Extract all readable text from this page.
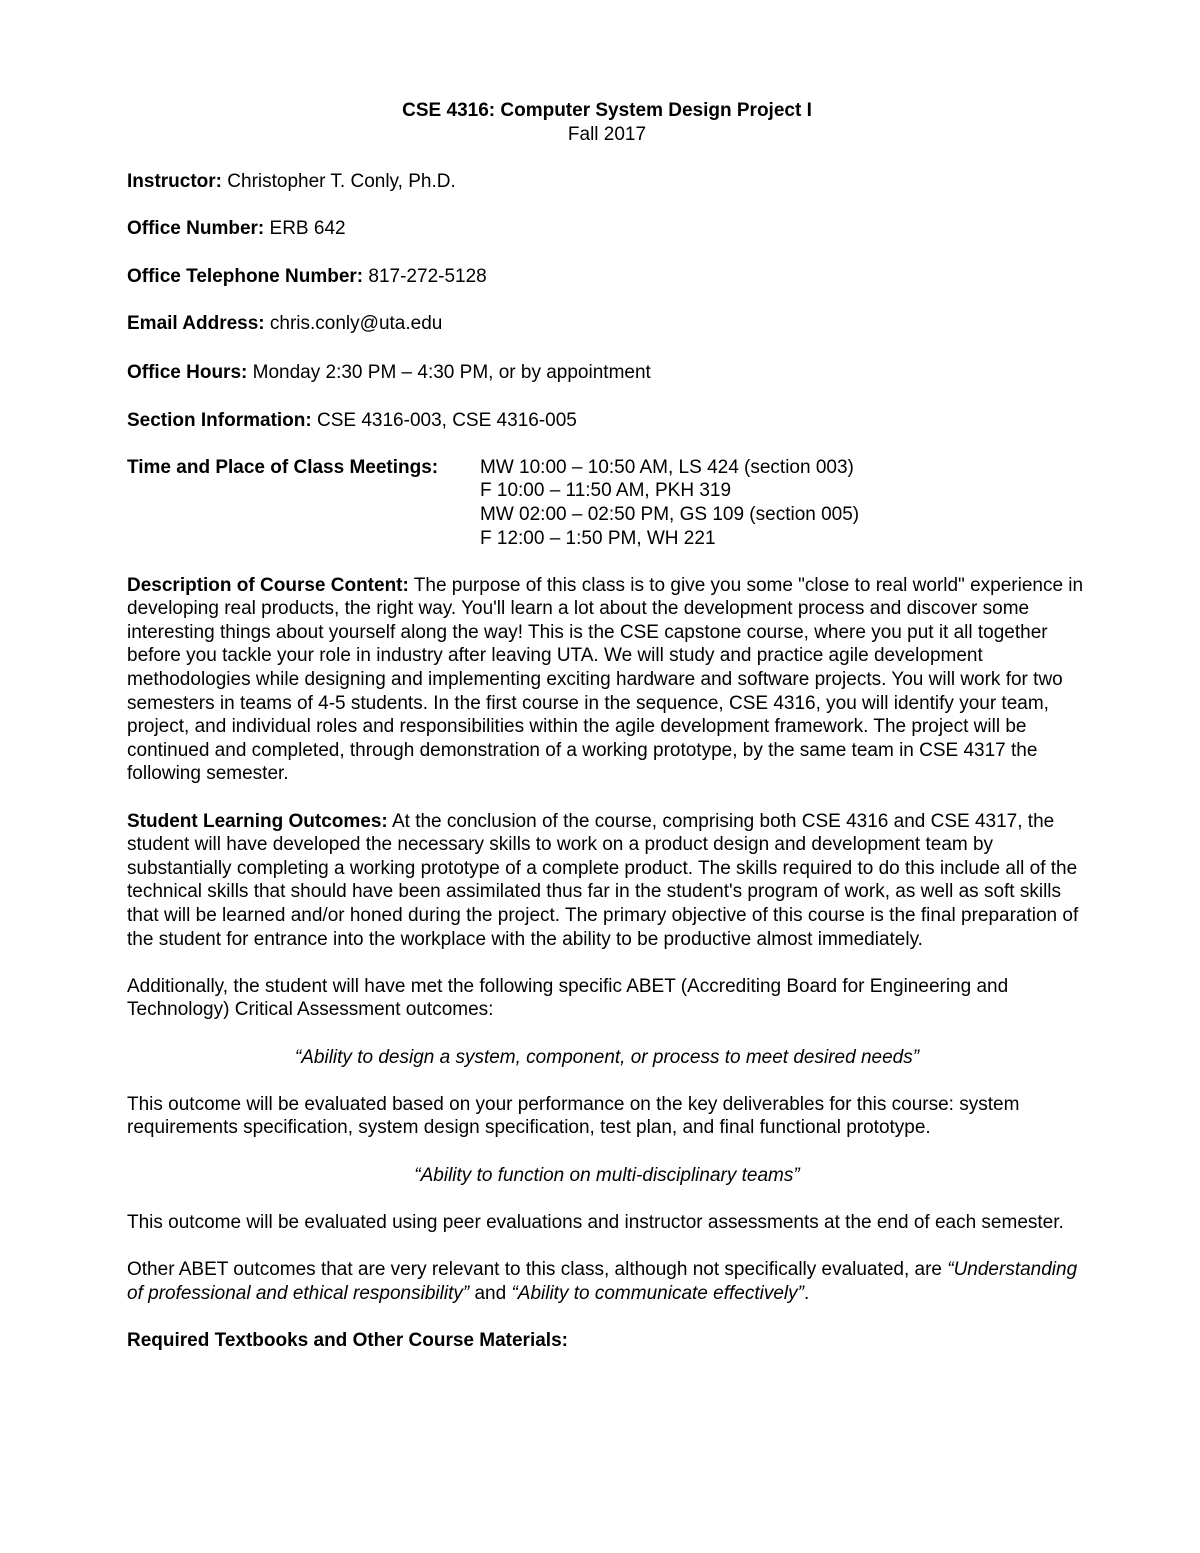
CSE 4316: Computer System Design Project I
Fall 2017

Instructor: Christopher T. Conly, Ph.D.

Office Number: ERB 642

Office Telephone Number: 817-272-5128

Email Address: chris.conly@uta.edu

Office Hours: Monday 2:30 PM – 4:30 PM, or by appointment

Section Information: CSE 4316-003, CSE 4316-005

Time and Place of Class Meetings:	MW 10:00 – 10:50 AM, LS 424 (section 003)
F 10:00 – 11:50 AM, PKH 319
MW 02:00 – 02:50 PM, GS 109 (section 005)
F 12:00 – 1:50 PM, WH 221

Description of Course Content: The purpose of this class is to give you some "close to real world" experience in developing real products, the right way. You'll learn a lot about the development process and discover some interesting things about yourself along the way! This is the CSE capstone course, where you put it all together before you tackle your role in industry after leaving UTA. We will study and practice agile development methodologies while designing and implementing exciting hardware and software projects. You will work for two semesters in teams of 4-5 students. In the first course in the sequence, CSE 4316, you will identify your team, project, and individual roles and responsibilities within the agile development framework. The project will be continued and completed, through demonstration of a working prototype, by the same team in CSE 4317 the following semester.

Student Learning Outcomes: At the conclusion of the course, comprising both CSE 4316 and CSE 4317, the student will have developed the necessary skills to work on a product design and development team by substantially completing a working prototype of a complete product. The skills required to do this include all of the technical skills that should have been assimilated thus far in the student's program of work, as well as soft skills that will be learned and/or honed during the project. The primary objective of this course is the final preparation of the student for entrance into the workplace with the ability to be productive almost immediately.

Additionally, the student will have met the following specific ABET (Accrediting Board for Engineering and Technology) Critical Assessment outcomes:

“Ability to design a system, component, or process to meet desired needs”

This outcome will be evaluated based on your performance on the key deliverables for this course: system requirements specification, system design specification, test plan, and final functional prototype.

“Ability to function on multi-disciplinary teams”

This outcome will be evaluated using peer evaluations and instructor assessments at the end of each semester.

Other ABET outcomes that are very relevant to this class, although not specifically evaluated, are “Understanding of professional and ethical responsibility” and “Ability to communicate effectively”.

Required Textbooks and Other Course Materials:
